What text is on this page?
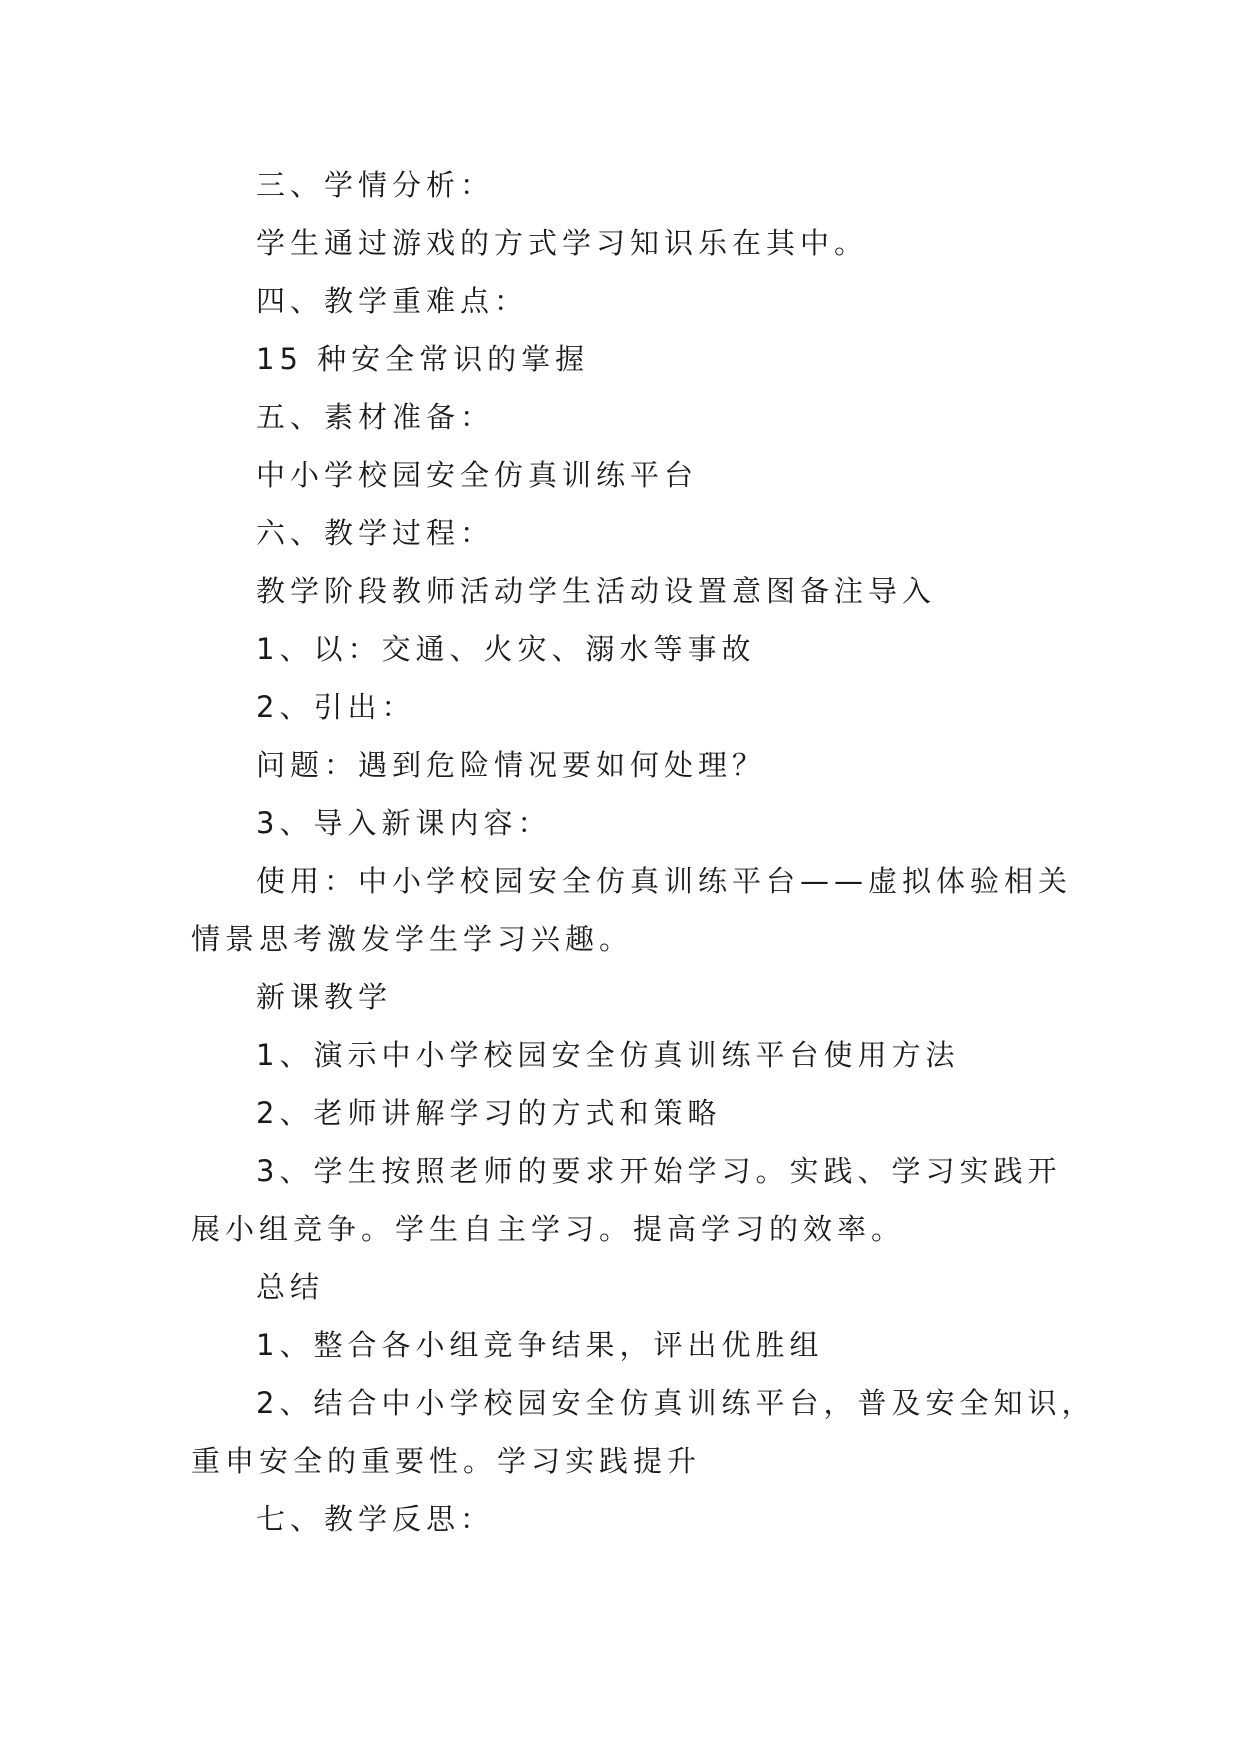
三、学情分析：
学生通过游戏的方式学习知识乐在其中。
四、教学重难点：
15 种安全常识的掌握
五、素材准备：
中小学校园安全仿真训练平台
六、教学过程：
教学阶段教师活动学生活动设置意图备注导入
1、以：交通、火灾、溺水等事故
2、引出：
问题：遇到危险情况要如何处理？
3、导入新课内容：
使用：中小学校园安全仿真训练平台——虚拟体验相关
情景思考激发学生学习兴趣。
新课教学
1、演示中小学校园安全仿真训练平台使用方法
2、老师讲解学习的方式和策略
3、学生按照老师的要求开始学习。实践、学习实践开
展小组竞争。学生自主学习。提高学习的效率。
总结
1、整合各小组竞争结果，评出优胜组
2、结合中小学校园安全仿真训练平台，普及安全知识，
重申安全的重要性。学习实践提升
七、教学反思：
